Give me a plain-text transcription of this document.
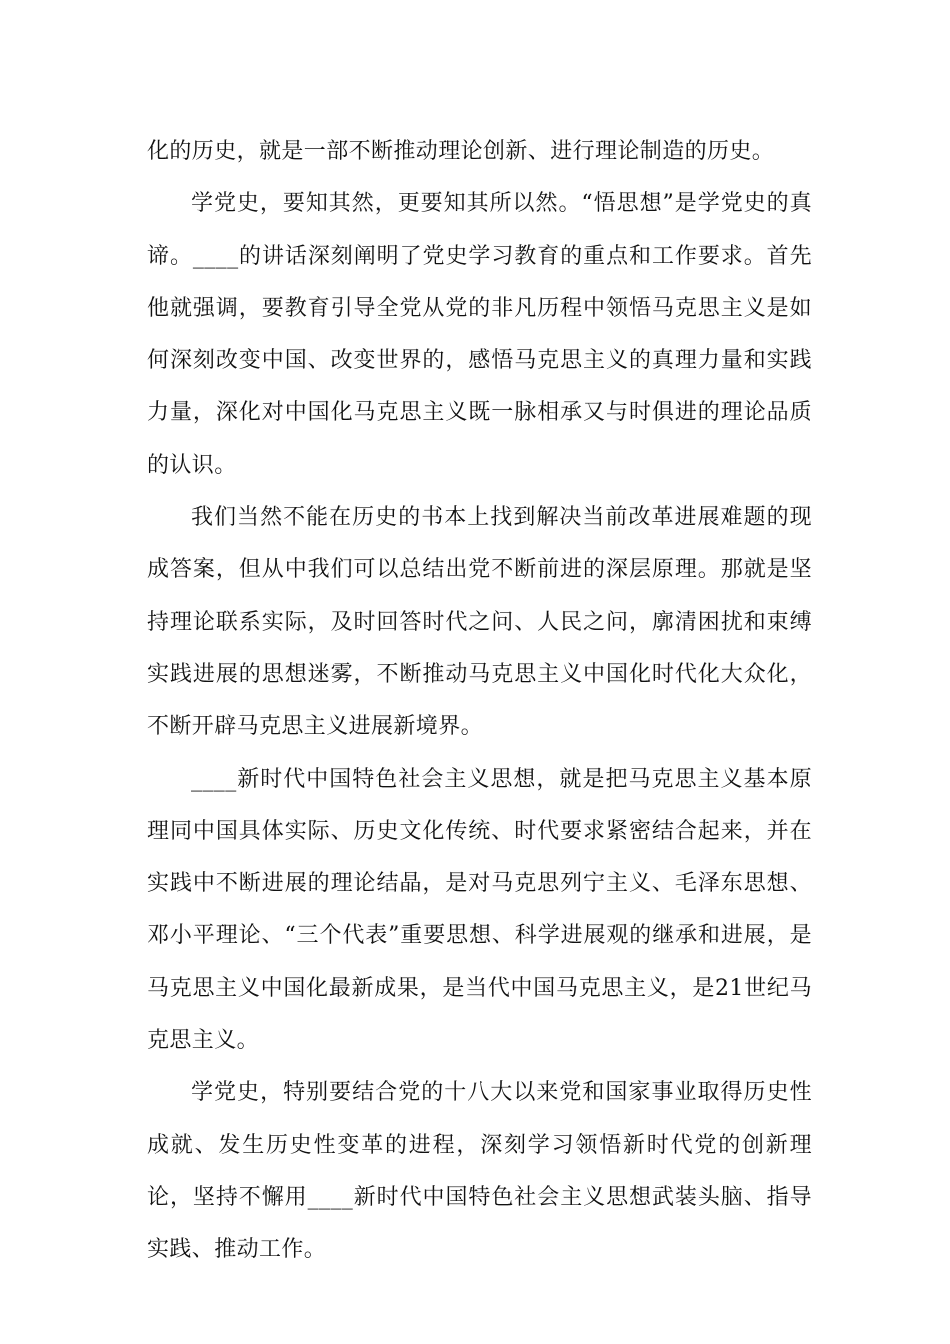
化的历史，就是一部不断推动理论创新、进行理论制造的历史。

学党史，要知其然，更要知其所以然。“悟思想”是学党史的真谛。____的讲话深刻阐明了党史学习教育的重点和工作要求。首先他就强调，要教育引导全党从党的非凡历程中领悟马克思主义是如何深刻改变中国、改变世界的，感悟马克思主义的真理力量和实践力量，深化对中国化马克思主义既一脉相承又与时俱进的理论品质的认识。

我们当然不能在历史的书本上找到解决当前改革进展难题的现成答案，但从中我们可以总结出党不断前进的深层原理。那就是坚持理论联系实际，及时回答时代之问、人民之问，廓清困扰和束缚实践进展的思想迷雾，不断推动马克思主义中国化时代化大众化，不断开辟马克思主义进展新境界。

____新时代中国特色社会主义思想，就是把马克思主义基本原理同中国具体实际、历史文化传统、时代要求紧密结合起来，并在实践中不断进展的理论结晶，是对马克思列宁主义、毛泽东思想、邓小平理论、“三个代表”重要思想、科学进展观的继承和进展，是马克思主义中国化最新成果，是当代中国马克思主义，是21世纪马克思主义。

学党史，特别要结合党的十八大以来党和国家事业取得历史性成就、发生历史性变革的进程，深刻学习领悟新时代党的创新理论，坚持不懈用____新时代中国特色社会主义思想武装头脑、指导实践、推动工作。
